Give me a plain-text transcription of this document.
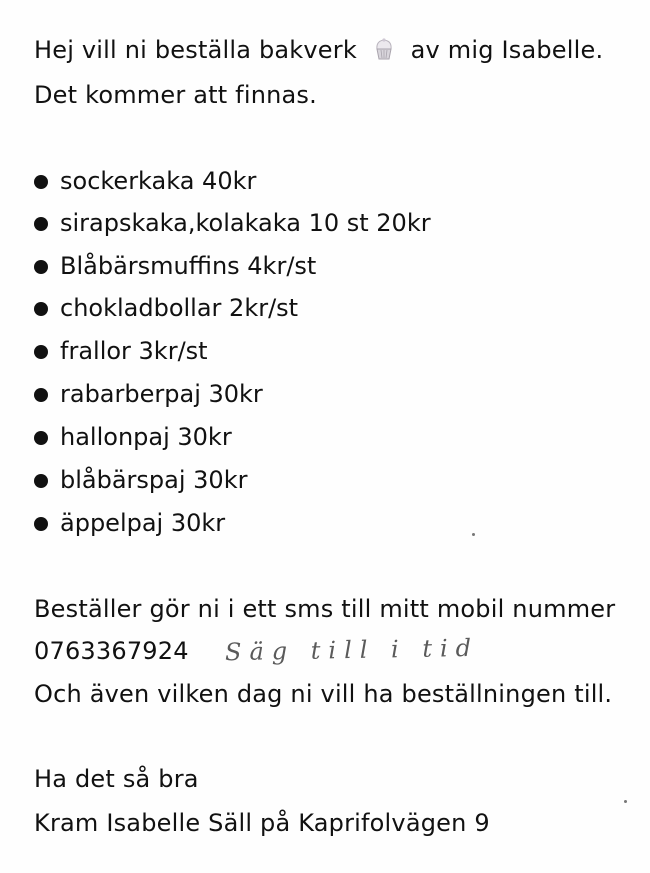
Hej vill ni beställa bakverk av mig Isabelle.
Det kommer att finnas.
sockerkaka 40kr
sirapskaka,kolakaka 10 st 20kr
Blåbärsmuffins 4kr/st
chokladbollar 2kr/st
frallor 3kr/st
rabarberpaj 30kr
hallonpaj 30kr
blåbärspaj 30kr
äppelpaj 30kr
Beställer gör ni i ett sms till mitt mobil nummer
0763367924 Säg till i tid
Och även vilken dag ni vill ha beställningen till.
Ha det så bra
Kram Isabelle Säll på Kaprifolvägen 9
